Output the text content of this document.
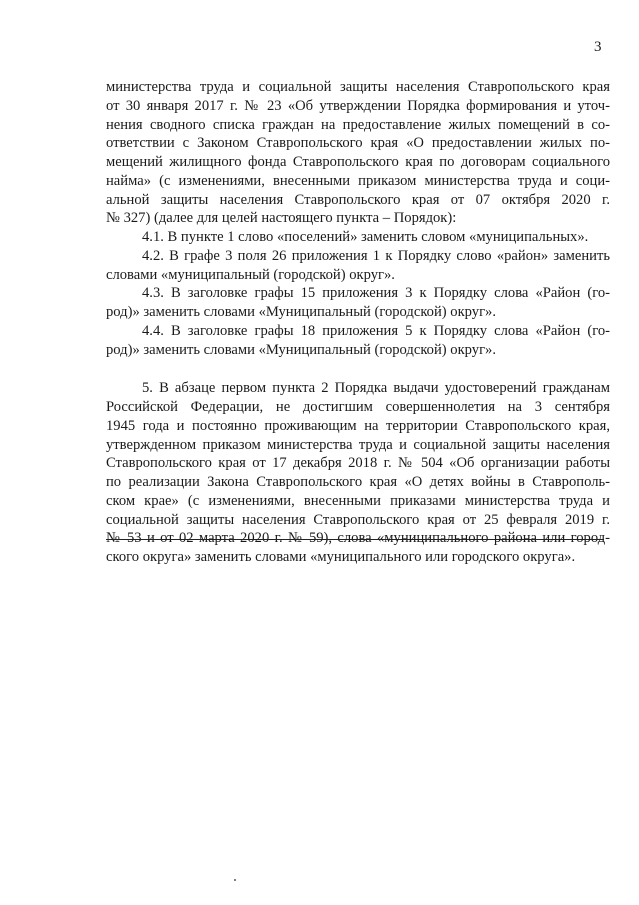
3
министерства труда и социальной защиты населения Ставропольского края
от 30 января 2017 г. № 23 «Об утверждении Порядка формирования и уточ-
нения сводного списка граждан на предоставление жилых помещений в со-
ответствии с Законом Ставропольского края «О предоставлении жилых по-
мещений жилищного фонда Ставропольского края по договорам социального
найма» (с изменениями, внесенными приказом министерства труда и соци-
альной защиты населения Ставропольского края от 07 октября 2020 г.
№ 327) (далее для целей настоящего пункта – Порядок):
4.1. В пункте 1 слово «поселений» заменить словом «муниципальных».
4.2. В графе 3 поля 26 приложения 1 к Порядку слово «район» заменить
словами «муниципальный (городской) округ».
4.3. В заголовке графы 15 приложения 3 к Порядку слова «Район (го-
род)» заменить словами «Муниципальный (городской) округ».
4.4. В заголовке графы 18 приложения 5 к Порядку слова «Район (го-
род)» заменить словами «Муниципальный (городской) округ».
5. В абзаце первом пункта 2 Порядка выдачи удостоверений гражданам
Российской Федерации, не достигшим совершеннолетия на 3 сентября
1945 года и постоянно проживающим на территории Ставропольского края,
утвержденном приказом министерства труда и социальной защиты населения
Ставропольского края от 17 декабря 2018 г. № 504 «Об организации работы
по реализации Закона Ставропольского края «О детях войны в Ставрополь-
ском крае» (с изменениями, внесенными приказами министерства труда и
социальной защиты населения Ставропольского края от 25 февраля 2019 г.
№ 53 и от 02 марта 2020 г. № 59), слова «муниципального района или город-
ского округа» заменить словами «муниципального или городского округа».
